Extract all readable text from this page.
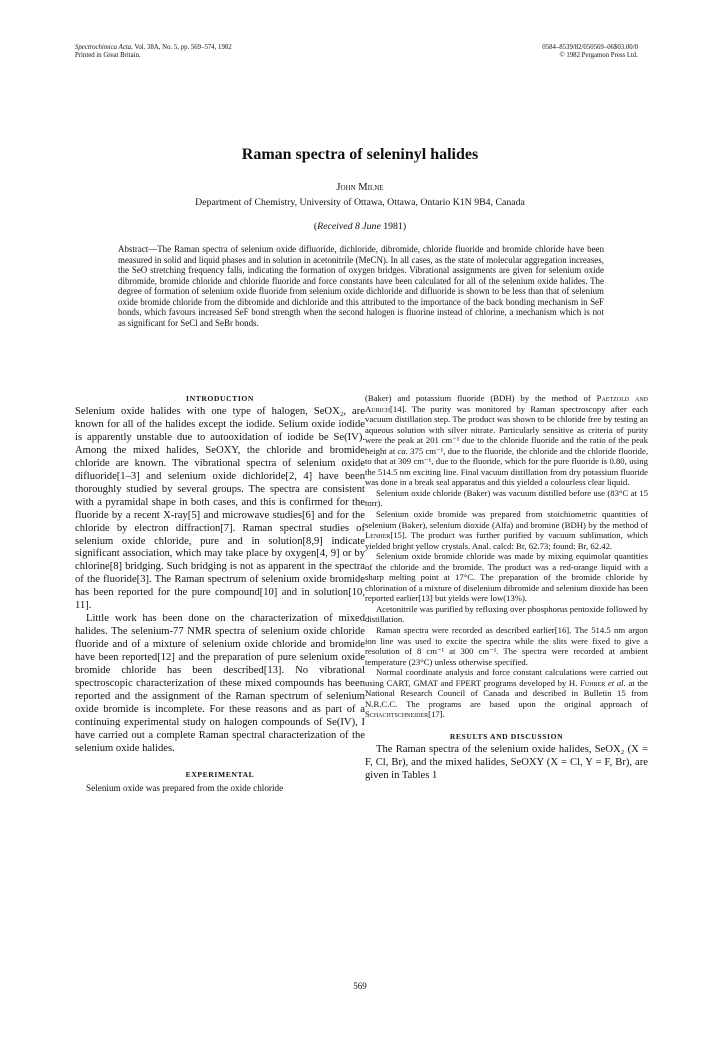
Spectrochimica Acta, Vol. 38A, No. 5, pp. 569–574, 1982
Printed in Great Britain.
0584–8539/82/050569–06$03.00/0
© 1982 Pergamon Press Ltd.
Raman spectra of seleninyl halides
John Milne
Department of Chemistry, University of Ottawa, Ottawa, Ontario K1N 9B4, Canada
(Received 8 June 1981)

Abstract—The Raman spectra of selenium oxide difluoride, dichloride, dibromide, chloride fluoride and bromide chloride have been measured in solid and liquid phases and in solution in acetonitrile (MeCN). In all cases, as the state of molecular aggregation increases, the SeO stretching frequency falls, indicating the formation of oxygen bridges. Vibrational assignments are given for selenium oxide dibromide, bromide chloride and chloride fluoride and force constants have been calculated for all of the selenium oxide halides. The degree of formation of selenium oxide fluoride from selenium oxide dichloride and difluoride is shown to be less than that of selenium oxide bromide chloride from the dibromide and dichloride and this attributed to the importance of the back bonding mechanism in SeF bonds, which favours increased SeF bond strength when the second halogen is fluorine instead of chlorine, a mechanism which is not as significant for SeCl and SeBr bonds.

INTRODUCTION

Selenium oxide halides with one type of halogen, SeOX₂, are known for all of the halides except the iodide. Selium oxide iodide is apparently unstable due to autooxidation of iodide be Se(IV). Among the mixed halides, SeOXY, the chloride and bromide chloride are known. The vibrational spectra of selenium oxide difluoride[1–3] and selenium oxide dichloride[2, 4] have been thoroughly studied by several groups. The spectra are consistent with a pyramidal shape in both cases, and this is confirmed for the fluoride by a recent X-ray[5] and microwave studies[6] and for the chloride by electron diffraction[7]. Raman spectral studies of selenium oxide chloride, pure and in solution[8,9] indicate significant association, which may take place by oxygen[4, 9] or by chlorine[8] bridging. Such bridging is not as apparent in the spectra of the fluoride[3]. The Raman spectrum of selenium oxide bromide has been reported for the pure compound[10] and in solution[10, 11].

Little work has been done on the characterization of mixed halides. The selenium-77 NMR spectra of selenium oxide chloride fluoride and of a mixture of selenium oxide chloride and bromide have been reported[12] and the preparation of pure selenium oxide bromide chloride has been described[13]. No vibrational spectroscopic characterization of these mixed compounds has been reported and the assignment of the Raman spectrum of selenium oxide bromide is incomplete. For these reasons and as part of a continuing experimental study on halogen compounds of Se(IV), I have carried out a complete Raman spectral characterization of the selenium oxide halides.

EXPERIMENTAL

Selenium oxide was prepared from the oxide chloride

(Baker) and potassium fluoride (BDH) by the method of Paetzold and Aurich[14]. The purity was monitored by Raman spectroscopy after each vacuum distillation step. The product was shown to be chloride free by testing an aqueous solution with silver nitrate. Particularly sensitive as criteria of purity were the peak at 201 cm⁻¹ due to the chloride fluoride and the ratio of the peak height at ca. 375 cm⁻¹, due to the fluoride, the chloride and the chloride fluoride, to that at 309 cm⁻¹, due to the fluoride, which for the pure fluoride is 0.80, using the 514.5 nm exciting line. Final vacuum distillation from dry potassium fluoride was done in a break seal apparatus and this yielded a colourless clear liquid.

Selenium oxide chloride (Baker) was vacuum distilled before use (83°C at 15 torr).

Selenium oxide bromide was prepared from stoichiometric quantities of selenium (Baker), selenium dioxide (Alfa) and bromine (BDH) by the method of Lenher[15]. The product was further purified by vacuum sublimation, which yielded bright yellow crystals. Anal. calcd: Br, 62.73; found: Br, 62.42.

Selenium oxide bromide chloride was made by mixing equimolar quantities of the chloride and the bromide. The product was a red-orange liquid with a sharp melting point at 17°C. The preparation of the bromide chloride by chlorination of a mixture of diselenium dibromide and selenium dioxide has been reported earlier[13] but yields were low(13%).

Acetonitrile was purified by refluxing over phosphorus pentoxide followed by distillation.

Raman spectra were recorded as described earlier[16]. The 514.5 nm argon ion line was used to excite the spectra while the slits were fixed to give a resolution of 8 cm⁻¹ at 300 cm⁻¹. The spectra were recorded at ambient temperature (23°C) unless otherwise specified.

Normal coordinate analysis and force constant calculations were carried out using CART, GMAT and FPERT programs developed by H. Fuhrer et al. at the National Research Council of Canada and described in Bulletin 15 from N.R.C.C. The programs are based upon the original approach of Schachtschneider[17].

RESULTS AND DISCUSSION

The Raman spectra of the selenium oxide halides, SeOX₂ (X = F, Cl, Br), and the mixed halides, SeOXY (X = Cl, Y = F, Br), are given in Tables 1

569
